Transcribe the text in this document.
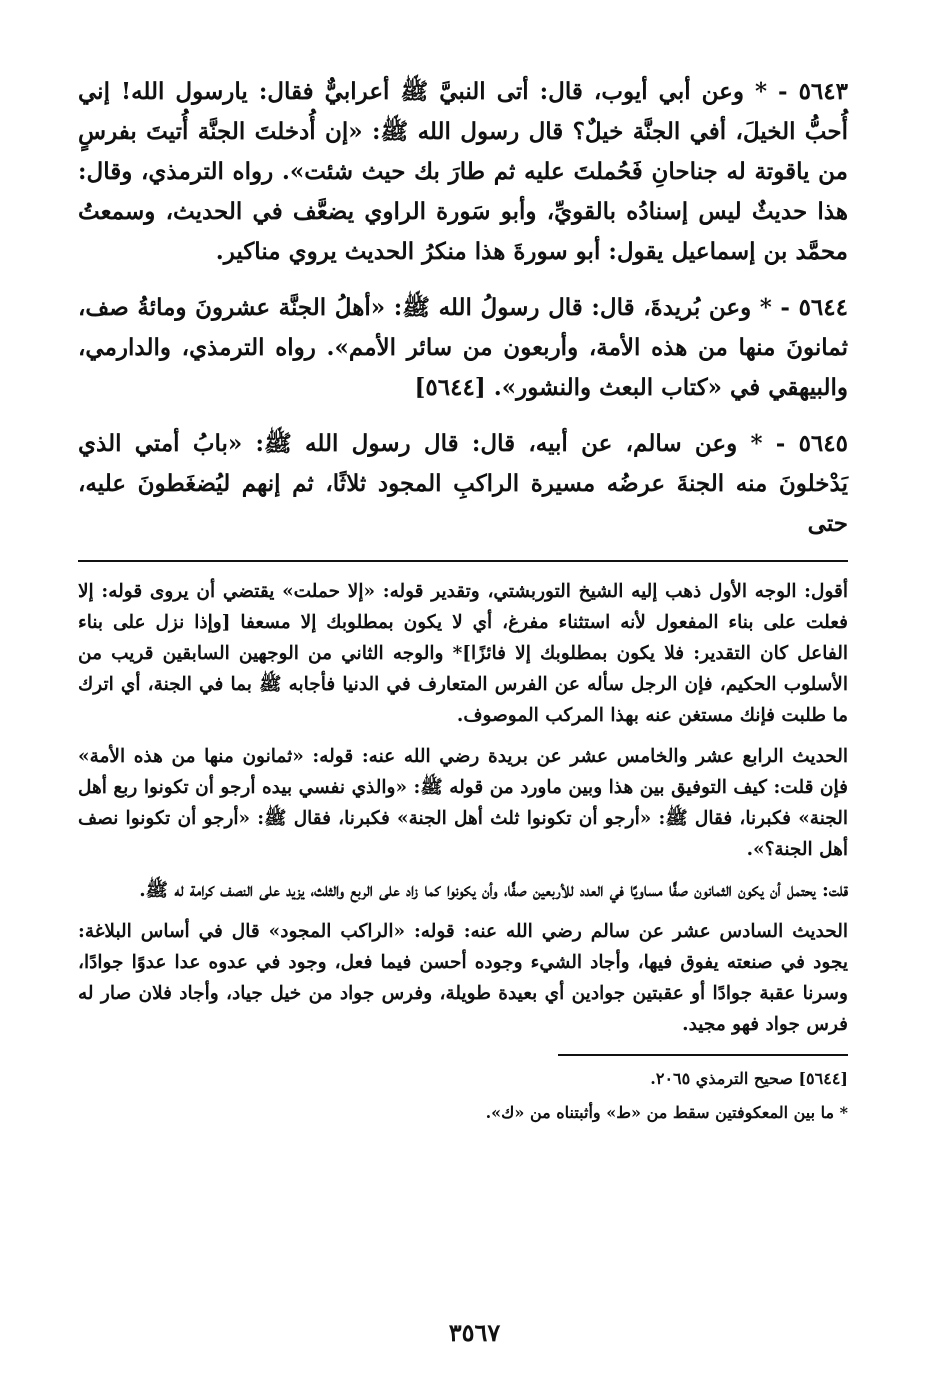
٥٦٤٣ - * وعن أبي أيوب، قال: أتى النبيَّ ﷺ أعرابيٌّ فقال: يارسول الله! إني أُحبُّ الخيلَ، أفي الجنَّة خيلٌ؟ قال رسول الله ﷺ: «إن أُدخلتَ الجنَّة أُتيتَ بفرسٍ من ياقوتة له جناحانِ فَحُملتَ عليه ثم طارَ بك حيث شئت». رواه الترمذي، وقال: هذا حديثٌ ليس إسنادُه بالقويِّ، وأبو سَورة الراوي يضعَّف في الحديث، وسمعتُ محمَّد بن إسماعيل يقول: أبو سورةَ هذا منكرُ الحديث يروي مناكير.

٥٦٤٤ - * وعن بُريدةَ، قال: قال رسولُ الله ﷺ: «أهلُ الجنَّة عشرونَ ومائةُ صف، ثمانونَ منها من هذه الأمة، وأربعون من سائر الأمم». رواه الترمذي، والدارمي، والبيهقي في «كتاب البعث والنشور». [٥٦٤٤]

٥٦٤٥ - * وعن سالم، عن أبيه، قال: قال رسول الله ﷺ: «بابُ أمتي الذي يَدْخلونَ منه الجنةَ عرضُه مسيرة الراكبِ المجود ثلاثًا، ثم إنهم ليُضغَطونَ عليه، حتى

أقول: الوجه الأول ذهب إليه الشيخ التوربشتي، وتقدير قوله: «إلا حملت» يقتضي أن يروى قوله: إلا فعلت على بناء المفعول لأنه استثناء مفرغ، أي لا يكون بمطلوبك إلا مسعفا [وإذا نزل على بناء الفاعل كان التقدير: فلا يكون بمطلوبك إلا فائزًا]* والوجه الثاني من الوجهين السابقين قريب من الأسلوب الحكيم، فإن الرجل سأله عن الفرس المتعارف في الدنيا فأجابه ﷺ بما في الجنة، أي اترك ما طلبت فإنك مستغن عنه بهذا المركب الموصوف.

الحديث الرابع عشر والخامس عشر عن بريدة رضي الله عنه: قوله: «ثمانون منها من هذه الأمة» فإن قلت: كيف التوفيق بين هذا وبين ماورد من قوله ﷺ: «والذي نفسي بيده أرجو أن تكونوا ربع أهل الجنة» فكبرنا، فقال ﷺ: «أرجو أن تكونوا ثلث أهل الجنة» فكبرنا، فقال ﷺ: «أرجو أن تكونوا نصف أهل الجنة؟».

قلت: يحتمل أن يكون الثمانون صفًّا مساويًا في العدد للأربعين صفًّا، وأن يكونوا كما زاد على الربع والثلث، يزيد على النصف كرامة له ﷺ.

الحديث السادس عشر عن سالم رضي الله عنه: قوله: «الراكب المجود» قال في أساس البلاغة: يجود في صنعته يفوق فيها، وأجاد الشيء وجوده أحسن فيما فعل، وجود في عدوه عدا عدوًا جوادًا، وسرنا عقبة جوادًا أو عقبتين جوادين أي بعيدة طويلة، وفرس جواد من خيل جياد، وأجاد فلان صار له فرس جواد فهو مجيد.

[٥٦٤٤] صحيح الترمذي ٢٠٦٥.

* ما بين المعكوفتين سقط من «ط» وأثبتناه من «ك».

٣٥٦٧
